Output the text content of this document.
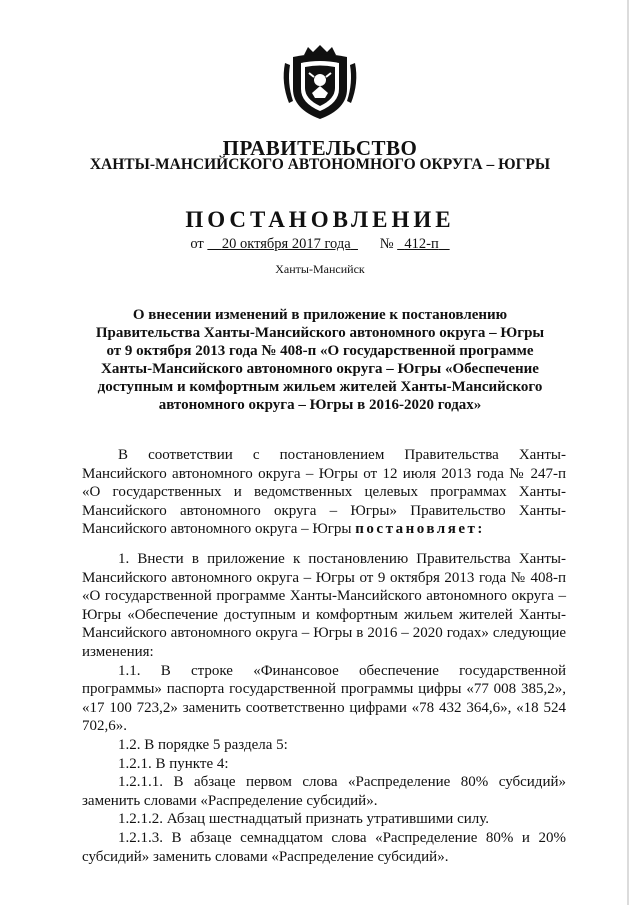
ПРАВИТЕЛЬСТВО
ХАНТЫ-МАНСИЙСКОГО АВТОНОМНОГО ОКРУГА – ЮГРЫ
ПОСТАНОВЛЕНИЕ
от 20 октября 2017 года № 412-п
Ханты-Мансийск
О внесении изменений в приложение к постановлению
Правительства Ханты-Мансийского автономного округа – Югры
от 9 октября 2013 года № 408-п «О государственной программе
Ханты-Мансийского автономного округа – Югры «Обеспечение
доступным и комфортным жильем жителей Ханты-Мансийского
автономного округа – Югры в 2016-2020 годах»

В соответствии с постановлением Правительства Ханты-Мансийского автономного округа – Югры от 12 июля 2013 года № 247-п «О государственных и ведомственных целевых программах Ханты-Мансийского автономного округа – Югры» Правительство Ханты-Мансийского автономного округа – Югры постановляет:

1. Внести в приложение к постановлению Правительства Ханты-Мансийского автономного округа – Югры от 9 октября 2013 года № 408-п «О государственной программе Ханты-Мансийского автономного округа – Югры «Обеспечение доступным и комфортным жильем жителей Ханты-Мансийского автономного округа – Югры в 2016 – 2020 годах» следующие изменения:

1.1. В строке «Финансовое обеспечение государственной программы» паспорта государственной программы цифры «77 008 385,2», «17 100 723,2» заменить соответственно цифрами «78 432 364,6», «18 524 702,6».

1.2. В порядке 5 раздела 5:

1.2.1. В пункте 4:

1.2.1.1. В абзаце первом слова «Распределение 80% субсидий» заменить словами «Распределение субсидий».

1.2.1.2. Абзац шестнадцатый признать утратившими силу.

1.2.1.3. В абзаце семнадцатом слова «Распределение 80% и 20% субсидий» заменить словами «Распределение субсидий».
